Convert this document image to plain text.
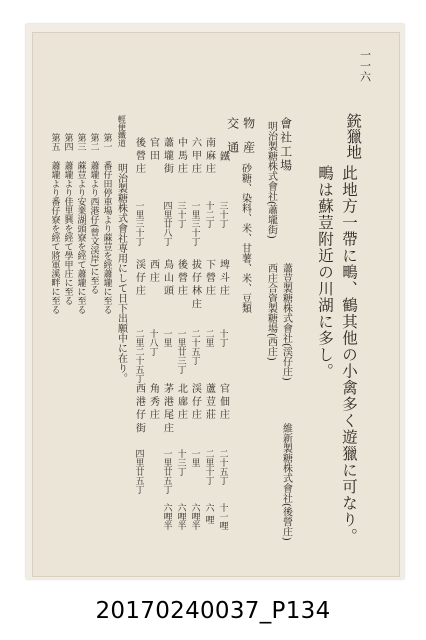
一一六
銃獵地
此地方一帶に鴫、鶴其他の小禽多く遊獵に可なり。鴫は蘇荳附近の川湖に多し。
會社工場
明治製糖株式會社(蕭壠街)
蕭荳製糖株式會社(渓仔庄)
維新製糖株式會社(後營庄)
西庄合資製糖場(西庄)
物産
砂糖、染料、米、甘薯、米、豆類
交通
鐵
三十丁
埤 斗 庄
十丁
官 佃 庄
二十五丁
十一哩
南 麻 庄
十二丁
下 營 庄
二里
蘆 荳 莊
二里十丁
六 哩
六 甲 庄
一里三十丁
拔 仔 林 庄
二十五丁
渓 仔 庄
一里
六哩半
中 馬 庄
三十丁
後 營 庄
一里廿三丁
北 廍 庄
十三丁
六哩半
蕭 壠 街
四里廿八丁
鳥 山 頭
一里
茅 港 尾 庄
一里廿五丁
六哩半
官 田
西 庄
十八丁
角 秀 庄
後 營 庄
一里三十丁
渓 仔 庄
二里二十五丁
西 港 仔 街
四里廿五丁
輕便鐵道
明治製糖株式會社専用にして日下出願中に在り。
第一
番仔田停車場より蔴荳を經蕭壠に至る
第二
蕭壠より西港仔(曾文渓岸)に至る
第三
蔴荳より安業湖頭寮を經て蕭壠に至る
第四
蕭壠より佳里興を經て學甲庄に至る
第五
蕭壠より番仔寮を經て將軍溪畔に至る
20170240037_P134
